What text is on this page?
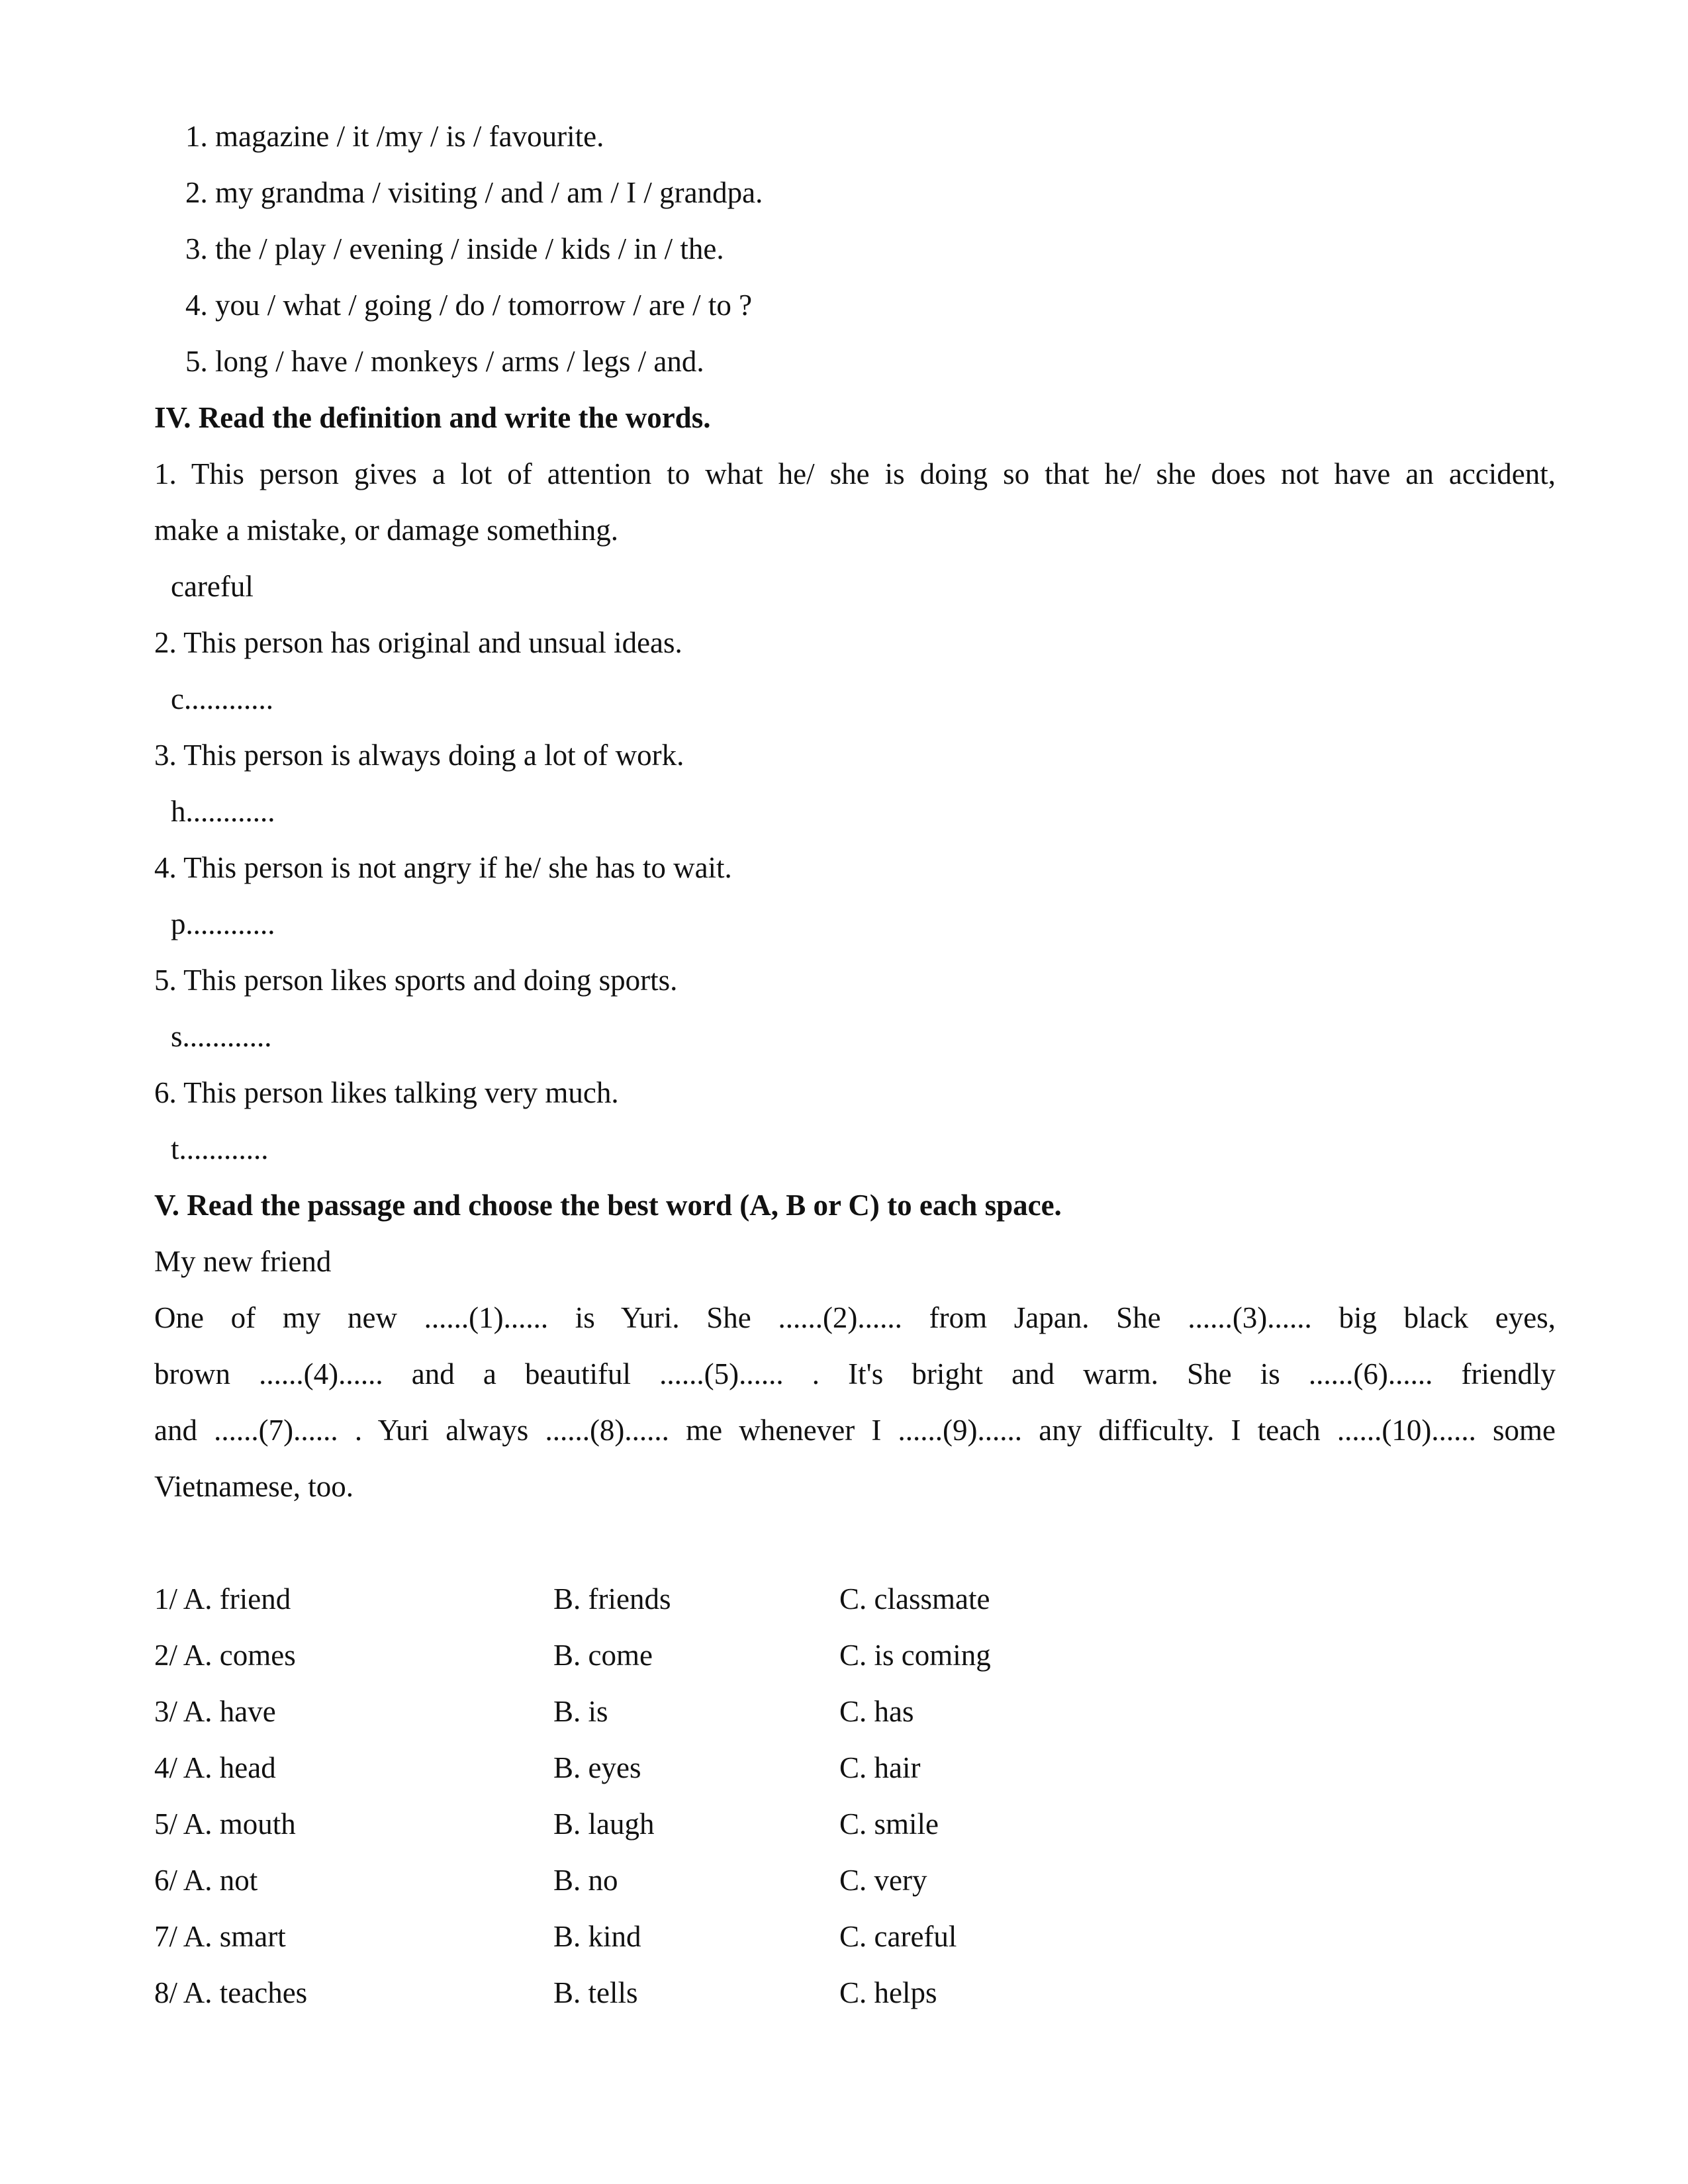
1. magazine / it /my / is / favourite.
2. my grandma / visiting / and / am / I / grandpa.
3. the / play / evening / inside / kids / in / the.
4. you / what / going / do / tomorrow / are / to ?
5. long / have / monkeys / arms / legs / and.
IV. Read the definition and write the words.
1. This person gives a lot of attention to what he/ she is doing so that he/ she does not have an accident,
make a mistake, or damage something.
careful
2. This person has original and unsual ideas.
c............
3. This person is always doing a lot of work.
h............
4. This person is not angry if he/ she has to wait.
p............
5. This person likes sports and doing sports.
s............
6. This person likes talking very much.
t............
V. Read the passage and choose the best word (A, B or C) to each space.
My new friend
One of my new ......(1)...... is Yuri. She ......(2)...... from Japan. She ......(3)...... big black eyes,
brown ......(4)...... and a beautiful ......(5)...... . It's bright and warm. She is ......(6)...... friendly
and ......(7)...... . Yuri always ......(8)...... me whenever I ......(9)...... any difficulty. I teach ......(10)...... some
Vietnamese, too.
1/ A. friend	B. friends	C. classmate
2/ A. comes	B. come	C. is coming
3/ A. have	B. is	C. has
4/ A. head	B. eyes	C. hair
5/ A. mouth	B. laugh	C. smile
6/ A. not	B. no	C. very
7/ A. smart	B. kind	C. careful
8/ A. teaches	B. tells	C. helps
